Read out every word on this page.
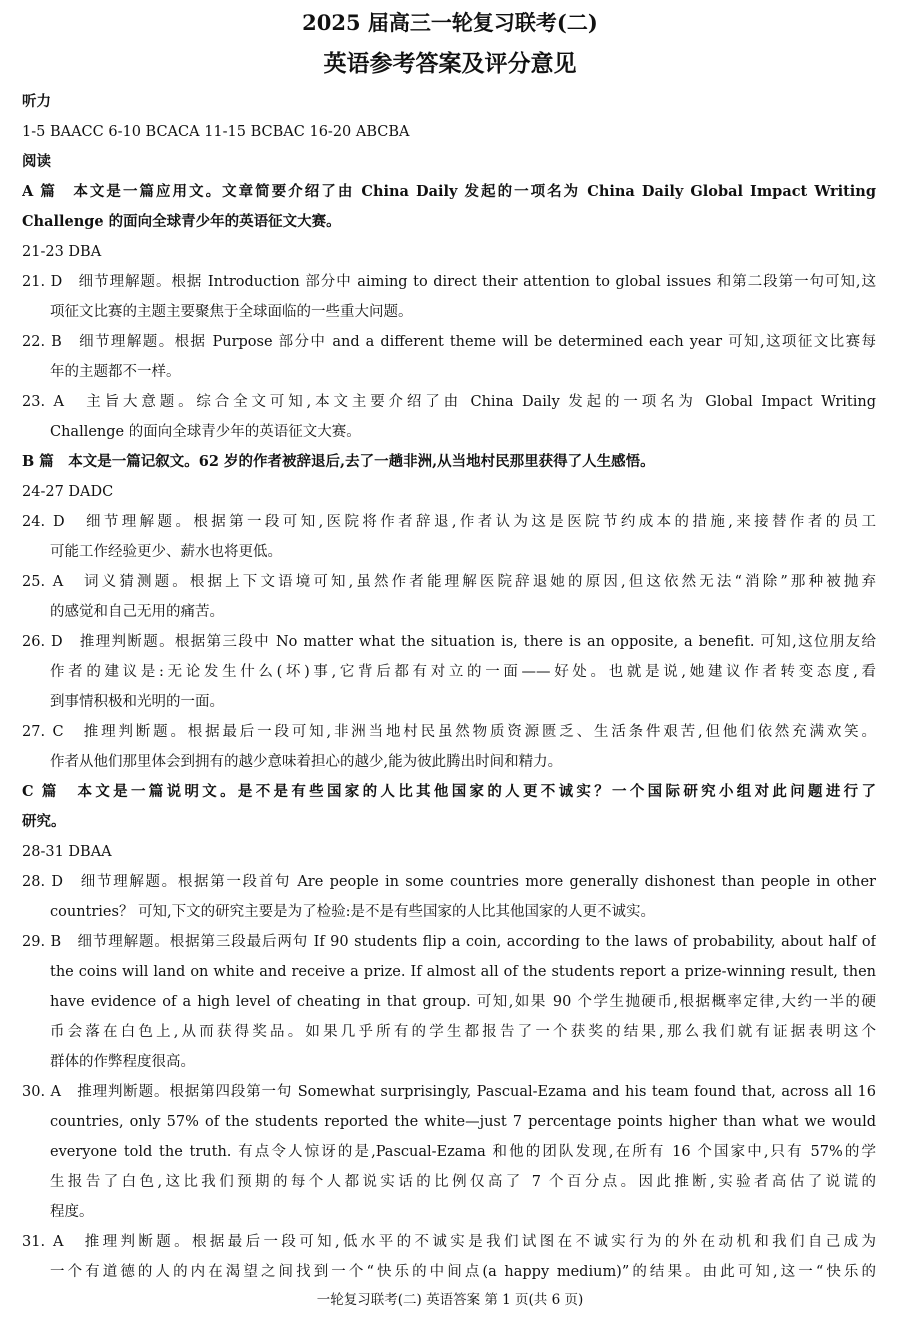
2025 届高三一轮复习联考(二)
英语参考答案及评分意见
听力
1-5 BAACC 6-10 BCACA 11-15 BCBAC 16-20 ABCBA
阅读
A 篇　本文是一篇应用文。文章简要介绍了由 China Daily 发起的一项名为 China Daily Global Impact Writing
Challenge 的面向全球青少年的英语征文大赛。
21-23 DBA
21. D　细节理解题。根据 Introduction 部分中 aiming to direct their attention to global issues 和第二段第一句可知,这
项征文比赛的主题主要聚焦于全球面临的一些重大问题。
22. B　细节理解题。根据 Purpose 部分中 and a different theme will be determined each year 可知,这项征文比赛每
年的主题都不一样。
23. A　主旨大意题。综合全文可知,本文主要介绍了由 China Daily 发起的一项名为 Global Impact Writing
Challenge 的面向全球青少年的英语征文大赛。
B 篇　本文是一篇记叙文。62 岁的作者被辞退后,去了一趟非洲,从当地村民那里获得了人生感悟。
24-27 DADC
24. D　细节理解题。根据第一段可知,医院将作者辞退,作者认为这是医院节约成本的措施,来接替作者的员工
可能工作经验更少、薪水也将更低。
25. A　词义猜测题。根据上下文语境可知,虽然作者能理解医院辞退她的原因,但这依然无法“消除”那种被抛弃
的感觉和自己无用的痛苦。
26. D　推理判断题。根据第三段中 No matter what the situation is, there is an opposite, a benefit. 可知,这位朋友给
作者的建议是:无论发生什么(坏)事,它背后都有对立的一面——好处。也就是说,她建议作者转变态度,看
到事情积极和光明的一面。
27. C　推理判断题。根据最后一段可知,非洲当地村民虽然物质资源匮乏、生活条件艰苦,但他们依然充满欢笑。
作者从他们那里体会到拥有的越少意味着担心的越少,能为彼此腾出时间和精力。
C 篇　本文是一篇说明文。是不是有些国家的人比其他国家的人更不诚实？一个国际研究小组对此问题进行了
研究。
28-31 DBAA
28. D　细节理解题。根据第一段首句 Are people in some countries more generally dishonest than people in other
countries？ 可知,下文的研究主要是为了检验:是不是有些国家的人比其他国家的人更不诚实。
29. B　细节理解题。根据第三段最后两句 If 90 students flip a coin, according to the laws of probability, about half of
the coins will land on white and receive a prize. If almost all of the students report a prize-winning result, then
have evidence of a high level of cheating in that group. 可知,如果 90 个学生抛硬币,根据概率定律,大约一半的硬
币会落在白色上,从而获得奖品。如果几乎所有的学生都报告了一个获奖的结果,那么我们就有证据表明这个
群体的作弊程度很高。
30. A　推理判断题。根据第四段第一句 Somewhat surprisingly, Pascual-Ezama and his team found that, across all 16
countries, only 57% of the students reported the white—just 7 percentage points higher than what we would
everyone told the truth. 有点令人惊讶的是,Pascual-Ezama 和他的团队发现,在所有 16 个国家中,只有 57%的学
生报告了白色,这比我们预期的每个人都说实话的比例仅高了 7 个百分点。因此推断,实验者高估了说谎的
程度。
31. A　推理判断题。根据最后一段可知,低水平的不诚实是我们试图在不诚实行为的外在动机和我们自己成为
一个有道德的人的内在渴望之间找到一个“快乐的中间点(a happy medium)”的结果。由此可知,这一“快乐的
一轮复习联考(二) 英语答案 第 1 页(共 6 页)
